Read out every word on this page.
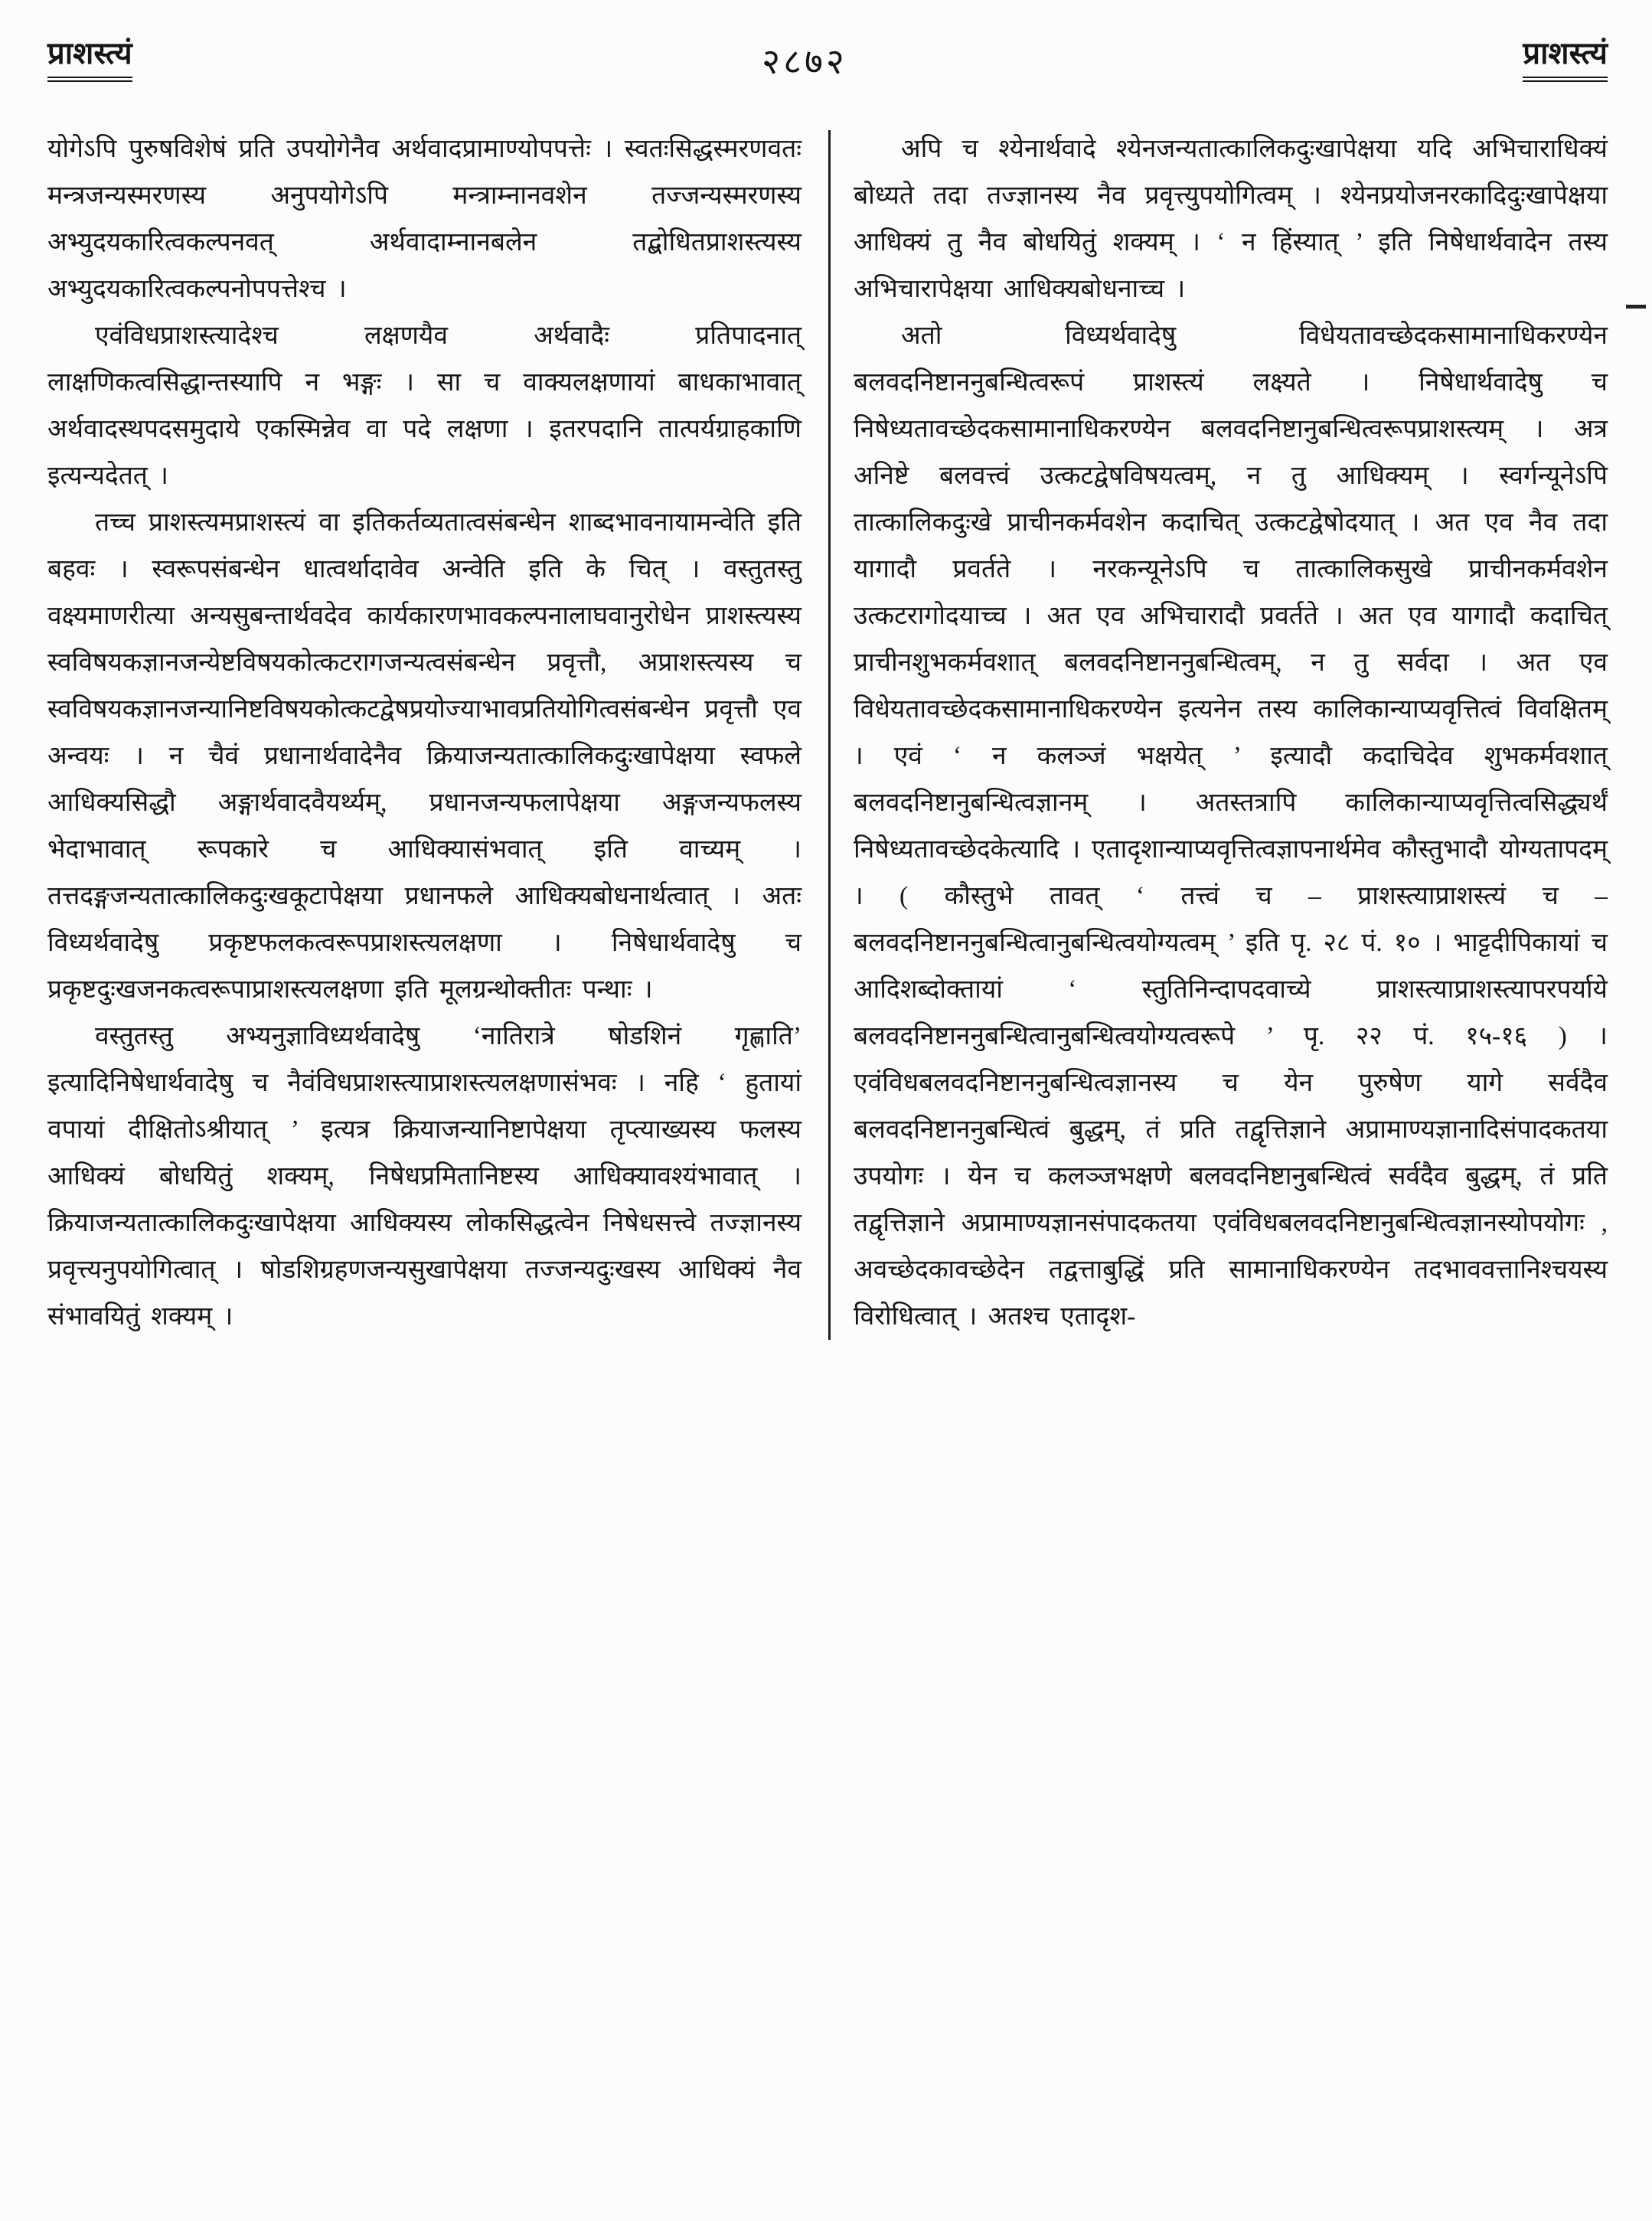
प्राशस्त्यं	२८७२	प्राशस्त्यं

योगेऽपि पुरुषविशेषं प्रति उपयोगेनैव अर्थवादप्रामाण्योपपत्तेः । स्वतःसिद्धस्मरणवतः मन्त्रजन्यस्मरणस्य अनुपयोगेऽपि मन्त्राम्नानवशेन तज्जन्यस्मरणस्य अभ्युदयकारित्वकल्पनवत् अर्थवादाम्नानबलेन तद्बोधितप्राशस्त्यस्य अभ्युदयकारित्वकल्पनोपपत्तेश्च ।

एवंविधप्राशस्त्यादेश्च लक्षणयैव अर्थवादैः प्रतिपादनात् लाक्षणिकत्वसिद्धान्तस्यापि न भङ्गः । सा च वाक्यलक्षणायां बाधकाभावात् अर्थवादस्थपदसमुदाये एकस्मिन्नेव वा पदे लक्षणा । इतरपदानि तात्पर्यग्राहकाणि इत्यन्यदेतत् ।

तच्च प्राशस्त्यमप्राशस्त्यं वा इतिकर्तव्यतात्वसंबन्धेन शाब्दभावनायामन्वेति इति बहवः । स्वरूपसंबन्धेन धात्वर्थादावेव अन्वेति इति के चित् । वस्तुतस्तु वक्ष्यमाणरीत्या अन्यसुबन्तार्थवदेव कार्यकारणभावकल्पनालाघवानुरोधेन प्राशस्त्यस्य स्वविषयकज्ञानजन्येष्टविषयकोत्कटरागजन्यत्वसंबन्धेन प्रवृत्तौ, अप्राशस्त्यस्य च स्वविषयकज्ञानजन्यानिष्टविषयकोत्कटद्वेषप्रयोज्याभावप्रतियोगित्वसंबन्धेन प्रवृत्तौ एव अन्वयः । न चैवं प्रधानार्थवादेनैव क्रियाजन्यतात्कालिकदुःखापेक्षया स्वफले आधिक्यसिद्धौ अङ्गार्थवादवैयर्थ्यम्, प्रधानजन्यफलापेक्षया अङ्गजन्यफलस्य भेदाभावात् रूपकारे च आधिक्यासंभवात् इति वाच्यम् । तत्तदङ्गजन्यतात्कालिकदुःखकूटापेक्षया प्रधानफले आधिक्यबोधनार्थत्वात् । अतः विध्यर्थवादेषु प्रकृष्टफलकत्वरूपप्राशस्त्यलक्षणा । निषेधार्थवादेषु च प्रकृष्टदुःखजनकत्वरूपाप्राशस्त्यलक्षणा इति मूलग्रन्थोक्तीतः पन्थाः ।

वस्तुतस्तु अभ्यनुज्ञाविध्यर्थवादेषु ‘नातिरात्रे षोडशिनं गृह्णाति’ इत्यादिनिषेधार्थवादेषु च नैवंविधप्राशस्त्याप्राशस्त्यलक्षणासंभवः । नहि ‘ हुतायां वपायां दीक्षितोऽश्रीयात् ’ इत्यत्र क्रियाजन्यानिष्टापेक्षया तृप्त्याख्यस्य फलस्य आधिक्यं बोधयितुं शक्यम्, निषेधप्रमितानिष्टस्य आधिक्यावश्यंभावात् । क्रियाजन्यतात्कालिकदुःखापेक्षया आधिक्यस्य लोकसिद्धत्वेन निषेधसत्त्वे तज्ज्ञानस्य प्रवृत्त्यनुपयोगित्वात् । षोडशिग्रहणजन्यसुखापेक्षया तज्जन्यदुःखस्य आधिक्यं नैव संभावयितुं शक्यम् ।

अपि च श्येनार्थवादे श्येनजन्यतात्कालिकदुःखापेक्षया यदि अभिचाराधिक्यं बोध्यते तदा तज्ज्ञानस्य नैव प्रवृत्त्युपयोगित्वम् । श्येनप्रयोजनरकादिदुःखापेक्षया आधिक्यं तु नैव बोधयितुं शक्यम् । ‘ न हिंस्यात् ’ इति निषेधार्थवादेन तस्य अभिचारापेक्षया आधिक्यबोधनाच्च ।

अतो विध्यर्थवादेषु विधेयतावच्छेदकसामानाधिकरण्येन बलवदनिष्टाननुबन्धित्वरूपं प्राशस्त्यं लक्ष्यते । निषेधार्थवादेषु च निषेध्यतावच्छेदकसामानाधिकरण्येन बलवदनिष्टानुबन्धित्वरूपप्राशस्त्यम् । अत्र अनिष्टे बलवत्त्वं उत्कटद्वेषविषयत्वम्, न तु आधिक्यम् । स्वर्गन्यूनेऽपि तात्कालिकदुःखे प्राचीनकर्मवशेन कदाचित् उत्कटद्वेषोदयात् । अत एव नैव तदा यागादौ प्रवर्तते । नरकन्यूनेऽपि च तात्कालिकसुखे प्राचीनकर्मवशेन उत्कटरागोदयाच्च । अत एव अभिचारादौ प्रवर्तते । अत एव यागादौ कदाचित् प्राचीनशुभकर्मवशात् बलवदनिष्टाननुबन्धित्वम्, न तु सर्वदा । अत एव विधेयतावच्छेदकसामानाधिकरण्येन इत्यनेन तस्य कालिकान्याप्यवृत्तित्वं विवक्षितम् । एवं ‘ न कलञ्जं भक्षयेत् ’ इत्यादौ कदाचिदेव शुभकर्मवशात् बलवदनिष्टानुबन्धित्वज्ञानम् । अतस्तत्रापि कालिकान्याप्यवृत्तित्वसिद्ध्यर्थं निषेध्यतावच्छेदकेत्यादि । एतादृशान्याप्यवृत्तित्वज्ञापनार्थमेव कौस्तुभादौ योग्यतापदम् । ( कौस्तुभे तावत् ‘ तत्त्वं च – प्राशस्त्याप्राशस्त्यं च – बलवदनिष्टाननुबन्धित्वानुबन्धित्वयोग्यत्वम् ’ इति पृ. २८ पं. १० । भाट्टदीपिकायां च आदिशब्दोक्तायां ‘ स्तुतिनिन्दापदवाच्ये प्राशस्त्याप्राशस्त्यापरपर्याये बलवदनिष्टाननुबन्धित्वानुबन्धित्वयोग्यत्वरूपे ’ पृ. २२ पं. १५-१६ ) । एवंविधबलवदनिष्टाननुबन्धित्वज्ञानस्य च येन पुरुषेण यागे सर्वदैव बलवदनिष्टाननुबन्धित्वं बुद्धम्, तं प्रति तद्वृत्तिज्ञाने अप्रामाण्यज्ञानादिसंपादकतया उपयोगः । येन च कलञ्जभक्षणे बलवदनिष्टानुबन्धित्वं सर्वदैव बुद्धम्, तं प्रति तद्वृत्तिज्ञाने अप्रामाण्यज्ञानसंपादकतया एवंविधबलवदनिष्टानुबन्धित्वज्ञानस्योपयोगः , अवच्छेदकावच्छेदेन तद्वत्ताबुद्धिं प्रति सामानाधिकरण्येन तदभाववत्तानिश्चयस्य विरोधित्वात् । अतश्च एतादृश-
